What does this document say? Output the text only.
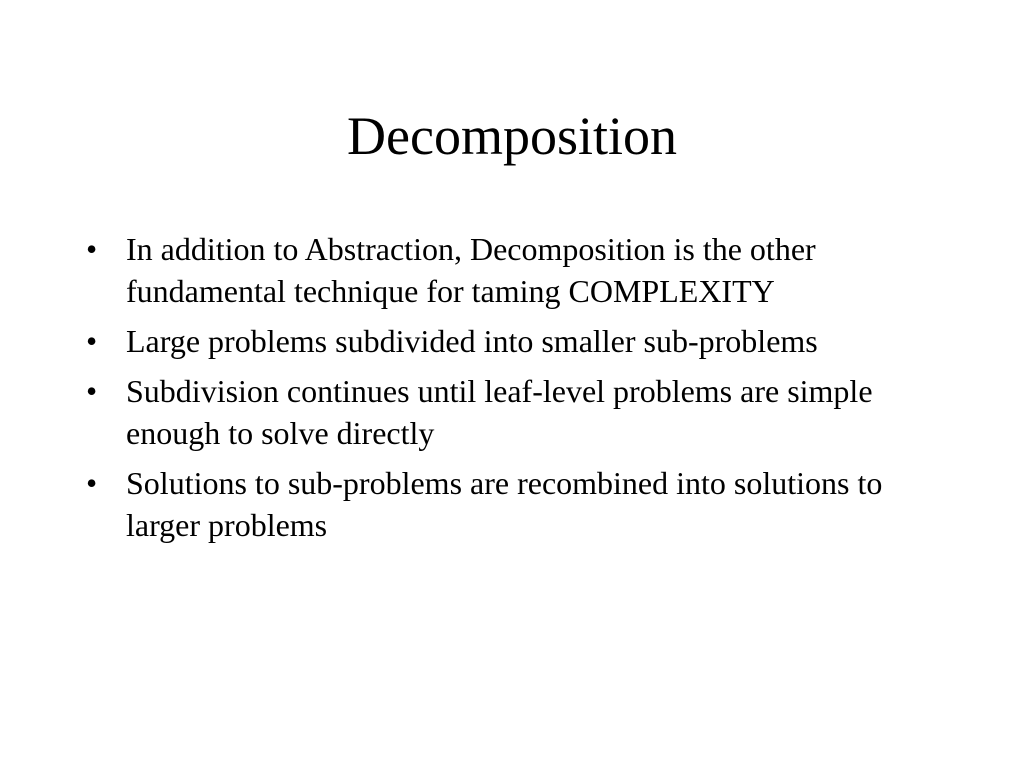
Decomposition
• In addition to Abstraction, Decomposition is the other fundamental technique for taming COMPLEXITY
• Large problems subdivided into smaller sub-problems
• Subdivision continues until leaf-level problems are simple enough to solve directly
• Solutions to sub-problems are recombined into solutions to larger problems
